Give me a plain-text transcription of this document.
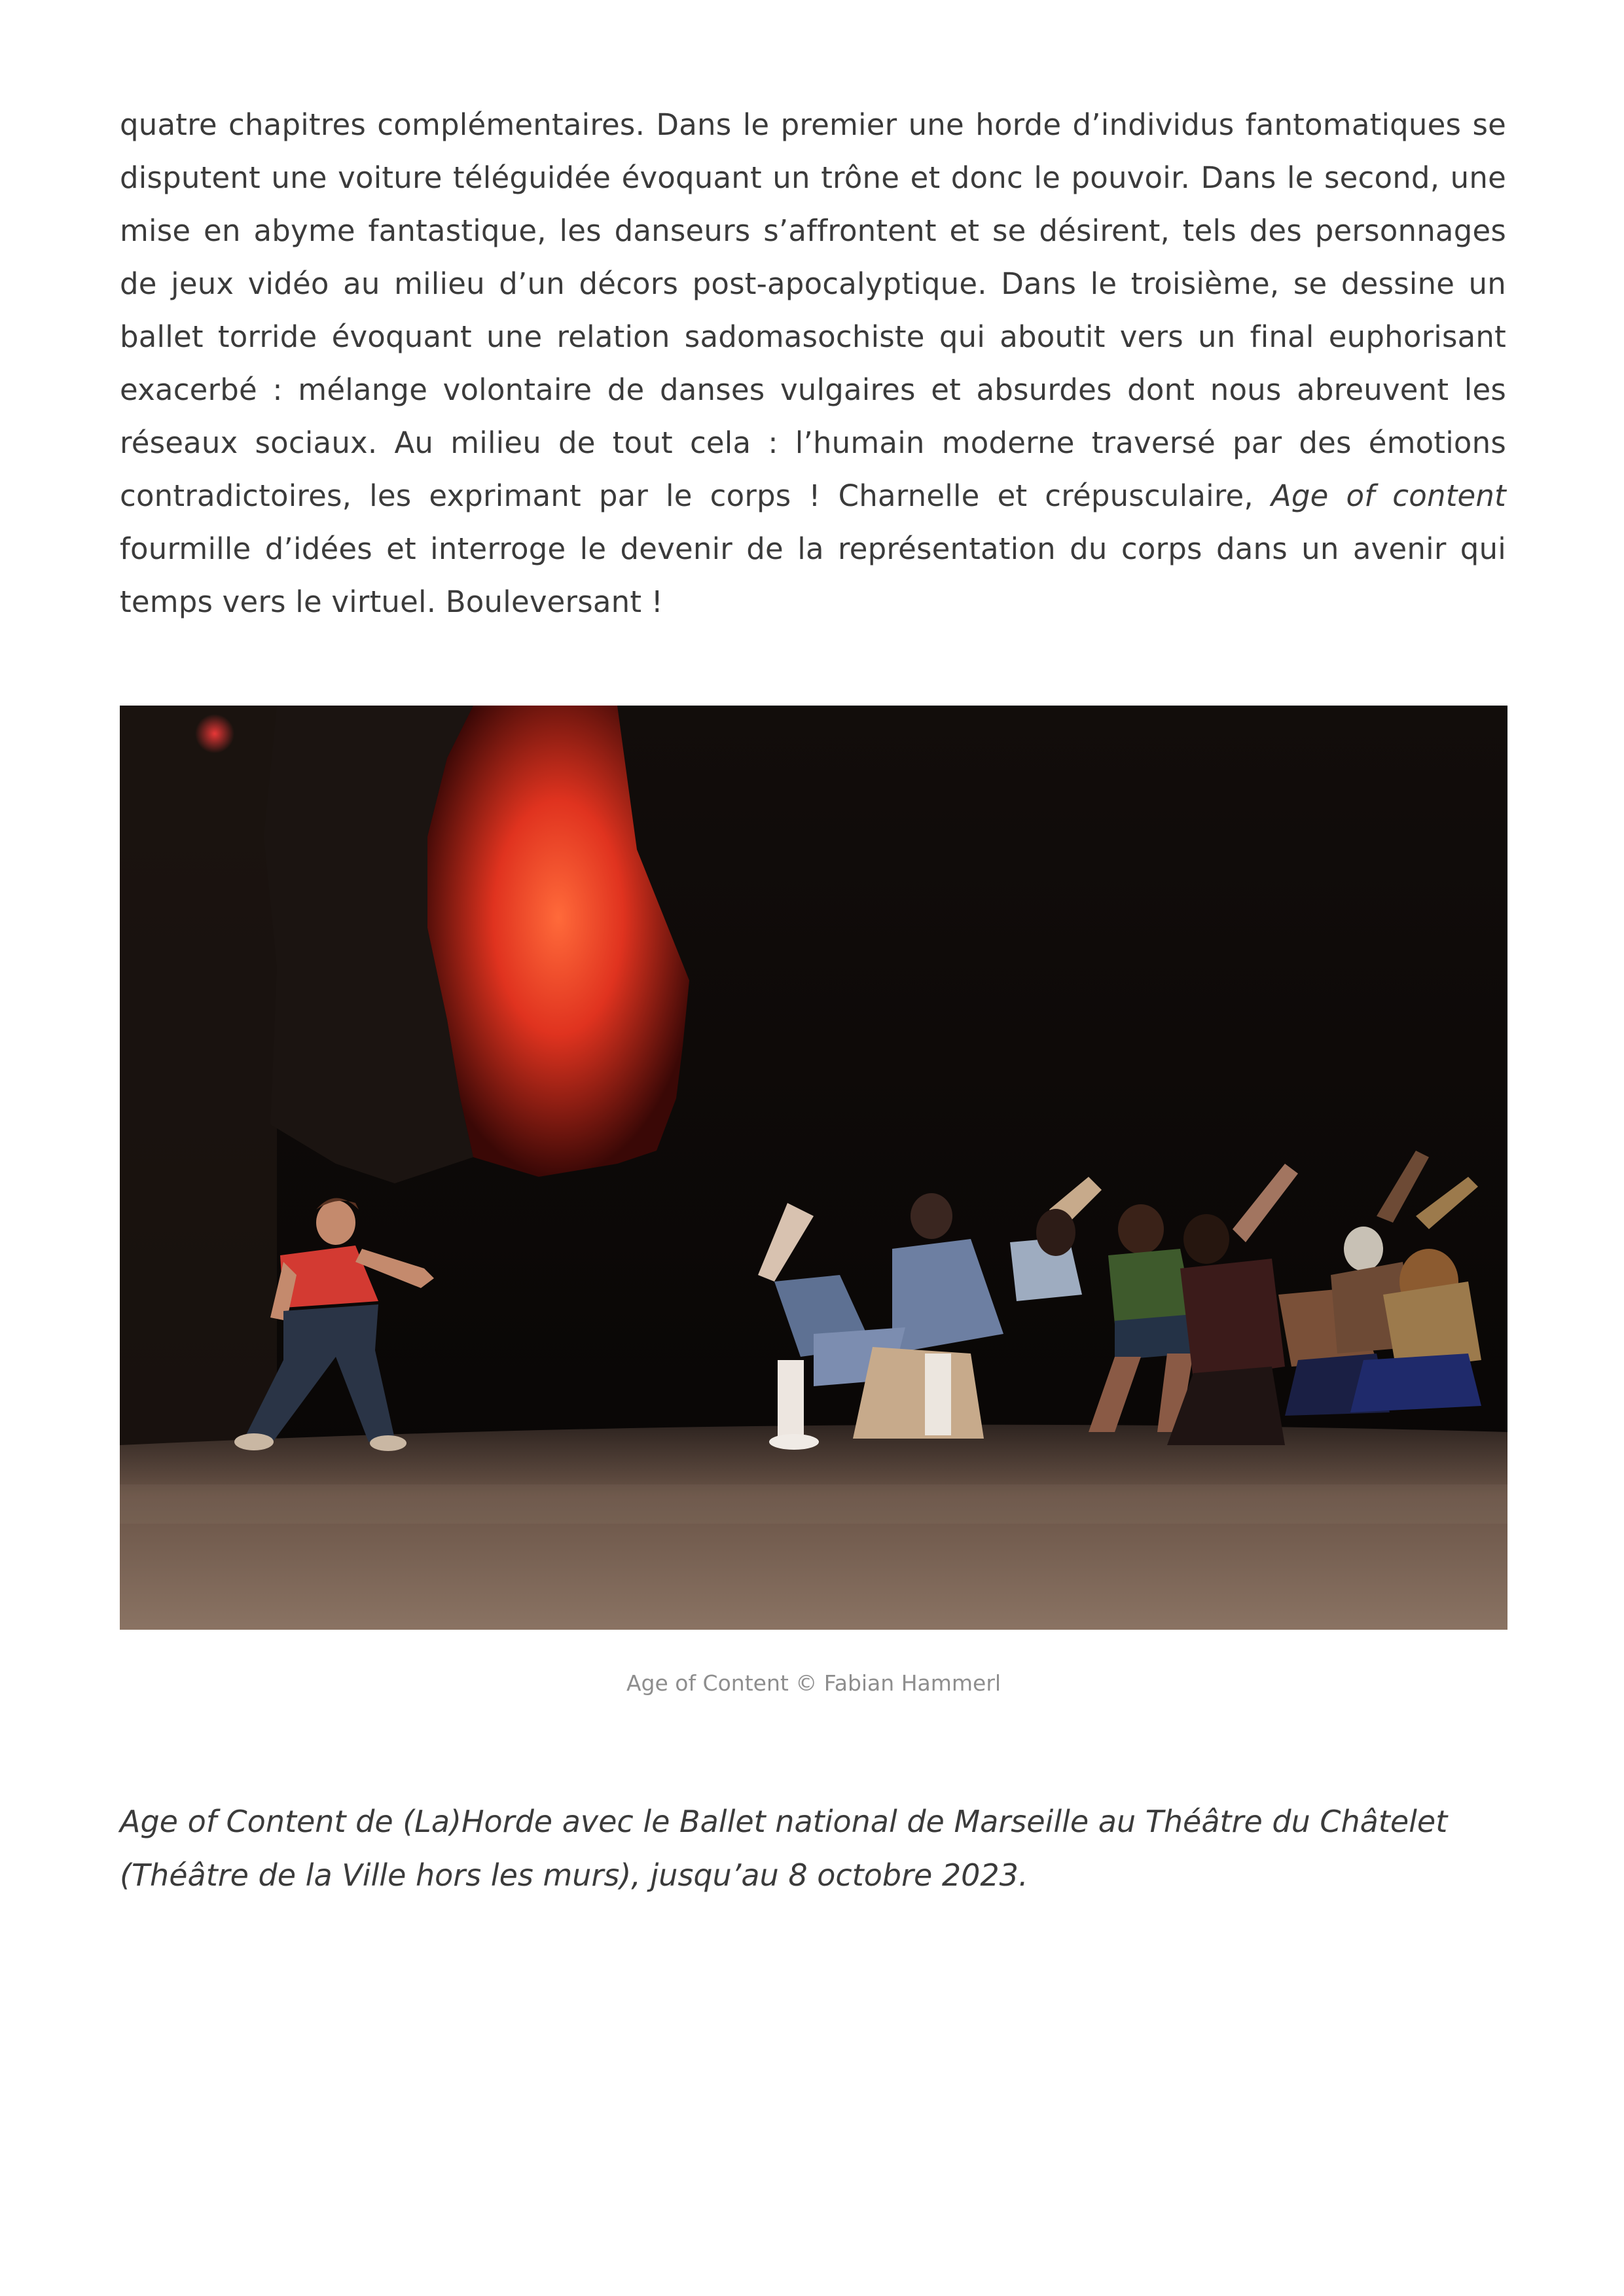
quatre chapitres complémentaires. Dans le premier une horde d’individus fantomatiques se disputent une voiture téléguidée évoquant un trône et donc le pouvoir. Dans le second, une mise en abyme fantastique, les danseurs s’affrontent et se désirent, tels des personnages de jeux vidéo au milieu d’un décors post-apocalyptique. Dans le troisième, se dessine un ballet torride évoquant une relation sadomasochiste qui aboutit vers un final euphorisant exacerbé : mélange volontaire de danses vulgaires et absurdes dont nous abreuvent les réseaux sociaux. Au milieu de tout cela : l’humain moderne traversé par des émotions contradictoires, les exprimant par le corps ! Charnelle et crépusculaire, Age of content fourmille d’idées et interroge le devenir de la représentation du corps dans un avenir qui temps vers le virtuel. Bouleversant !

Age of Content © Fabian Hammerl

Age of Content de (La)Horde avec le Ballet national de Marseille au Théâtre du Châtelet (Théâtre de la Ville hors les murs), jusqu’au 8 octobre 2023.
